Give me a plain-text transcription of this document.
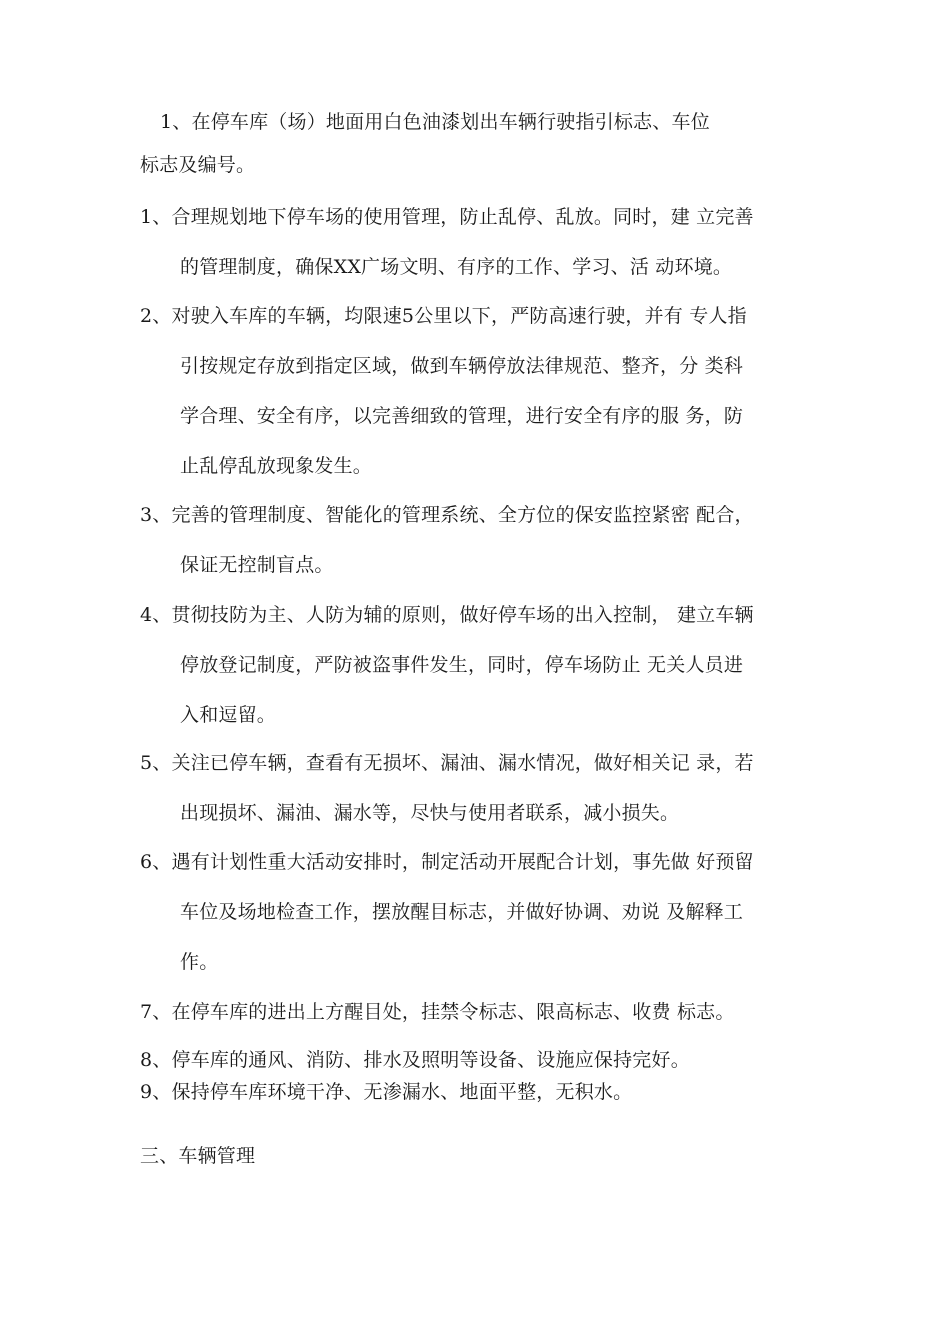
1、在停车库（场）地面用白色油漆划出车辆行驶指引标志、车位
标志及编号。
1、合理规划地下停车场的使用管理，防止乱停、乱放。同时，建 立完善
的管理制度，确保XX广场文明、有序的工作、学习、活 动环境。
2、对驶入车库的车辆，均限速5公里以下，严防高速行驶，并有 专人指
引按规定存放到指定区域，做到车辆停放法律规范、整齐，分 类科
学合理、安全有序，以完善细致的管理，进行安全有序的服 务，防
止乱停乱放现象发生。
3、完善的管理制度、智能化的管理系统、全方位的保安监控紧密 配合，
保证无控制盲点。
4、贯彻技防为主、人防为辅的原则，做好停车场的出入控制， 建立车辆
停放登记制度，严防被盗事件发生，同时，停车场防止 无关人员进
入和逗留。
5、关注已停车辆，查看有无损坏、漏油、漏水情况，做好相关记 录，若
出现损坏、漏油、漏水等，尽快与使用者联系，减小损失。
6、遇有计划性重大活动安排时，制定活动开展配合计划，事先做 好预留
车位及场地检查工作，摆放醒目标志，并做好协调、劝说 及解释工
作。
7、在停车库的进出上方醒目处，挂禁令标志、限高标志、收费 标志。
8、停车库的通风、消防、排水及照明等设备、设施应保持完好。
9、保持停车库环境干净、无渗漏水、地面平整，无积水。
三、车辆管理
